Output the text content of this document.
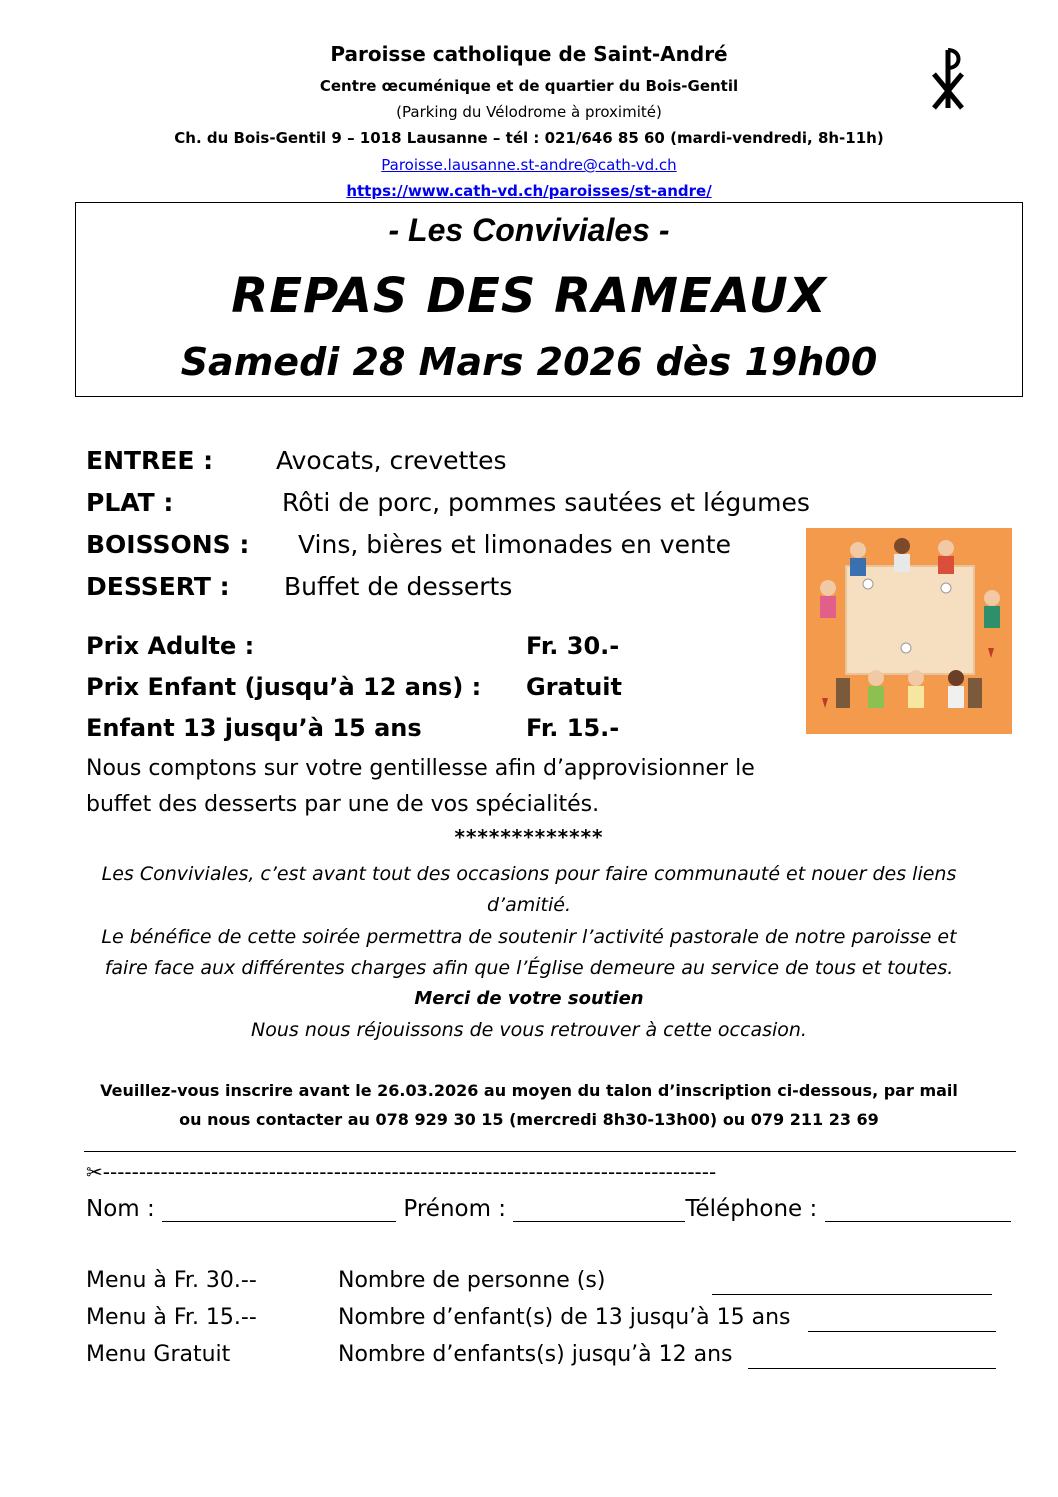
Paroisse catholique de Saint-André
Centre œcuménique et de quartier du Bois-Gentil
(Parking du Vélodrome à proximité)
Ch. du Bois-Gentil 9 – 1018 Lausanne – tél : 021/646 85 60 (mardi-vendredi, 8h-11h)
Paroisse.lausanne.st-andre@cath-vd.ch
https://www.cath-vd.ch/paroisses/st-andre/
- Les Conviviales -
REPAS DES RAMEAUX
Samedi 28 Mars 2026 dès 19h00
ENTREE :	Avocats, crevettes
PLAT :	Rôti de porc, pommes sautées et légumes
BOISSONS : Vins, bières et limonades en vente
DESSERT : Buffet de desserts
Prix Adulte :	Fr. 30.-
Prix Enfant (jusqu’à 12 ans) : Gratuit
Enfant 13 jusqu’à 15 ans	Fr. 15.-
Nous comptons sur votre gentillesse afin d’approvisionner le
buffet des desserts par une de vos spécialités.
*************
Les Conviviales, c’est avant tout des occasions pour faire communauté et nouer des liens
d’amitié.
Le bénéfice de cette soirée permettra de soutenir l’activité pastorale de notre paroisse et
faire face aux différentes charges afin que l’Église demeure au service de tous et toutes.
Merci de votre soutien
Nous nous réjouissons de vous retrouver à cette occasion.
Veuillez-vous inscrire avant le 26.03.2026 au moyen du talon d’inscription ci-dessous, par mail
ou nous contacter au 078 929 30 15 (mercredi 8h30-13h00) ou 079 211 23 69
✂-------------------------------------------------------------------------------------
Nom :	Prénom :	Téléphone :
Menu à Fr. 30.--	Nombre de personne (s)
Menu à Fr. 15.--	Nombre d’enfant(s) de 13 jusqu’à 15 ans
Menu Gratuit	Nombre d’enfants(s) jusqu’à 12 ans
